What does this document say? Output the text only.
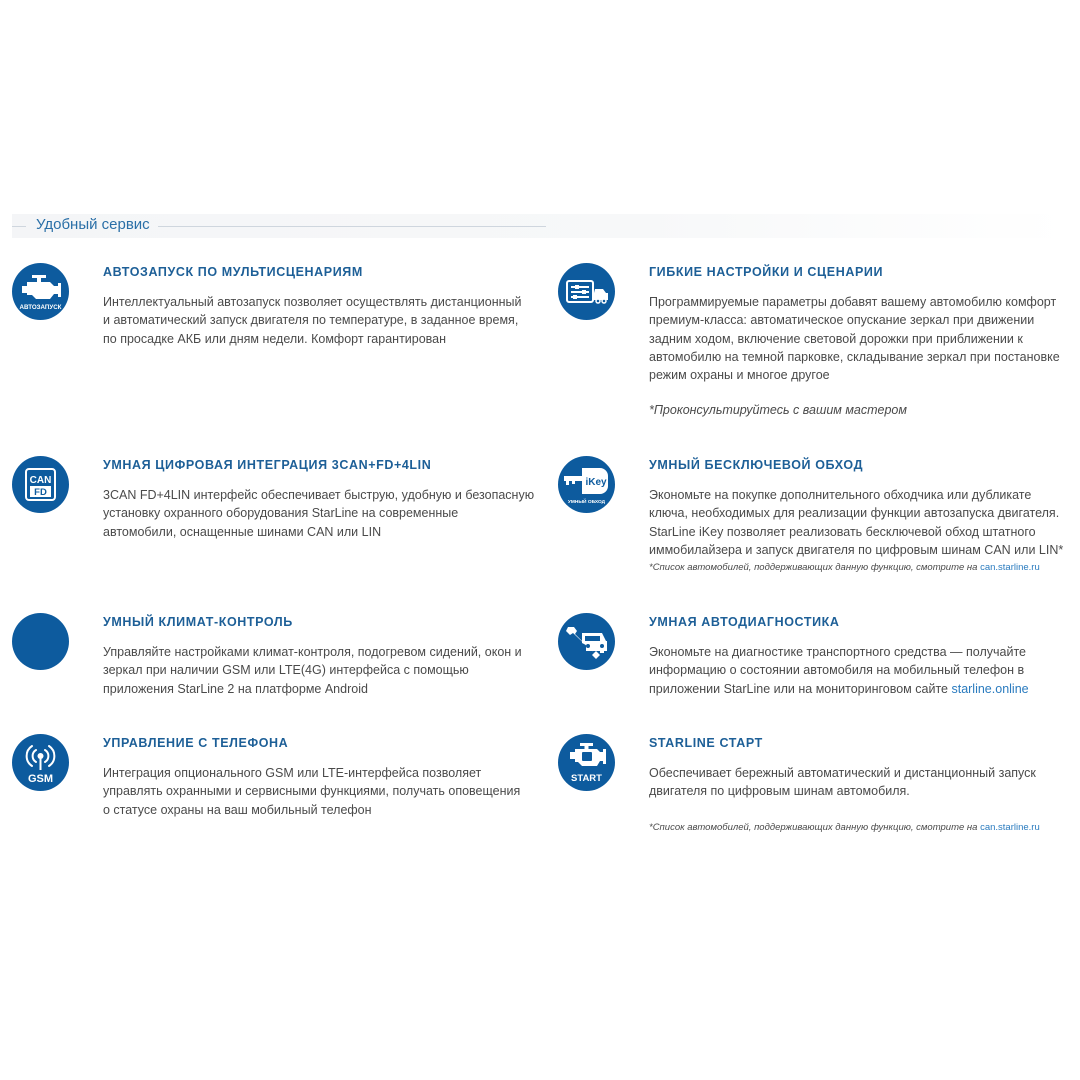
Удобный сервис
АВТОЗАПУСК
АВТОЗАПУСК ПО МУЛЬТИСЦЕНАРИЯМ
Интеллектуальный автозапуск позволяет осуществлять дистанционный
и автоматический запуск двигателя по температуре, в заданное время,
по просадке АКБ или дням недели. Комфорт гарантирован
ГИБКИЕ НАСТРОЙКИ И СЦЕНАРИИ
Программируемые параметры добавят вашему автомобилю комфорт
премиум-класса: автоматическое опускание зеркал при движении
задним ходом, включение световой дорожки при приближении к
автомобилю на темной парковке, складывание зеркал при постановке
режим охраны и многое другое
*Проконсультируйтесь с вашим мастером
CAN
FD
УМНАЯ ЦИФРОВАЯ ИНТЕГРАЦИЯ 3CAN+FD+4LIN
3CAN FD+4LIN интерфейс обеспечивает быструю, удобную и безопасную
установку охранного оборудования StarLine на современные
автомобили, оснащенные шинами CAN или LIN
iKey
УМНЫЙ ОБХОД
УМНЫЙ БЕСКЛЮЧЕВОЙ ОБХОД
Экономьте на покупке дополнительного обходчика или дубликате
ключа, необходимых для реализации функции автозапуска двигателя.
StarLine iKey позволяет реализовать бесключевой обход штатного
иммобилайзера и запуск двигателя по цифровым шинам CAN или LIN*
*Список автомобилей, поддерживающих данную функцию, смотрите на can.starline.ru
УМНЫЙ КЛИМАТ-КОНТРОЛЬ
Управляйте настройками климат-контроля, подогревом сидений, окон и
зеркал при наличии GSM или LTE(4G) интерфейса с помощью
приложения StarLine 2 на платформе Android
УМНАЯ АВТОДИАГНОСТИКА
Экономьте на диагностике транспортного средства — получайте
информацию о состоянии автомобиля на мобильный телефон в
приложении StarLine или на мониторинговом сайте starline.online
GSM
УПРАВЛЕНИЕ С ТЕЛЕФОНА
Интеграция опционального GSM или LTE-интерфейса позволяет
управлять охранными и сервисными функциями, получать оповещения
о статусе охраны на ваш мобильный телефон
START
STARLINE СТАРТ
Обеспечивает бережный автоматический и дистанционный запуск
двигателя по цифровым шинам автомобиля.
*Список автомобилей, поддерживающих данную функцию, смотрите на can.starline.ru
